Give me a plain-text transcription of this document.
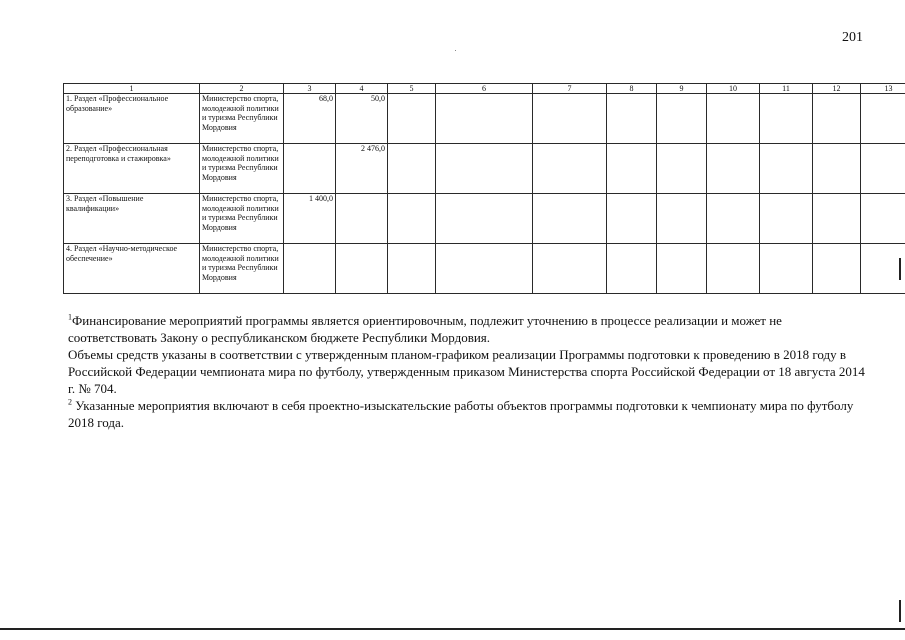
201
1	2	3	4	5	6	7	8	9	10	11	12	13
1. Раздел «Профессиональное образование»	Министерство спорта, молодежной политики и туризма Республики Мордовия	68,0	50,0									
2. Раздел «Профессиональная переподготовка и стажировка»	Министерство спорта, молодежной политики и туризма Республики Мордовия		2 476,0									
3. Раздел «Повышение квалификации»	Министерство спорта, молодежной политики и туризма Республики Мордовия	1 400,0										
4. Раздел «Научно-методическое обеспечение»	Министерство спорта, молодежной политики и туризма Республики Мордовия											

$^1$Финансирование мероприятий программы является ориентировочным, подлежит уточнению в процессе реализации и может не соответствовать Закону о республиканском бюджете Республики Мордовия.

Объемы средств указаны в соответствии с утвержденным планом-графиком реализации Программы подготовки к проведению в 2018 году в Российской Федерации чемпионата мира по футболу, утвержденным приказом Министерства спорта Российской Федерации от 18 августа 2014 г. № 704.

$^2$ Указанные мероприятия включают в себя проектно-изыскательские работы объектов программы подготовки к чемпионату мира по футболу 2018 года.
